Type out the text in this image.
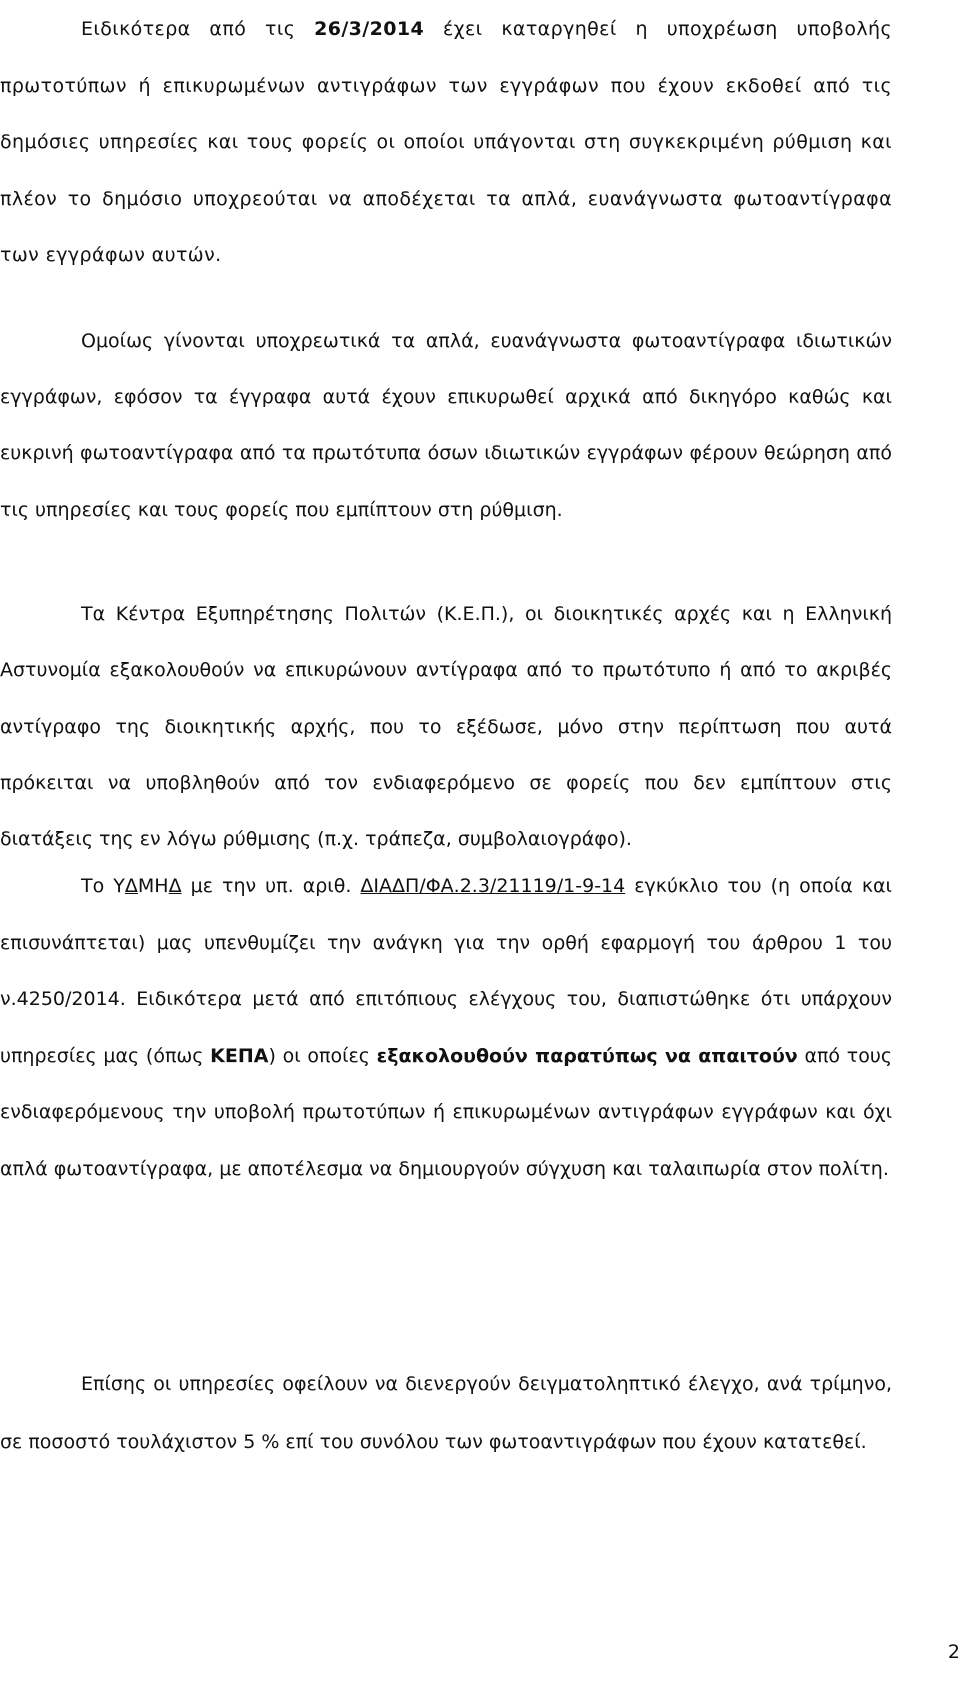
Ειδικότερα από τις 26/3/2014 έχει καταργηθεί η υποχρέωση υποβολής πρωτοτύπων ή επικυρωμένων αντιγράφων των εγγράφων που έχουν εκδοθεί από τις δημόσιες υπηρεσίες και τους φορείς οι οποίοι υπάγονται στη συγκεκριμένη ρύθμιση και πλέον το δημόσιο υποχρεούται να αποδέχεται τα απλά, ευανάγνωστα φωτοαντίγραφα των εγγράφων αυτών.

Ομοίως γίνονται υποχρεωτικά τα απλά, ευανάγνωστα φωτοαντίγραφα ιδιωτικών εγγράφων, εφόσον τα έγγραφα αυτά έχουν επικυρωθεί αρχικά από δικηγόρο καθώς και ευκρινή φωτοαντίγραφα από τα πρωτότυπα όσων ιδιωτικών εγγράφων φέρουν θεώρηση από τις υπηρεσίες και τους φορείς που εμπίπτουν στη ρύθμιση.

Τα Κέντρα Εξυπηρέτησης Πολιτών (Κ.Ε.Π.), οι διοικητικές αρχές και η Ελληνική Αστυνομία εξακολουθούν να επικυρώνουν αντίγραφα από το πρωτότυπο ή από το ακριβές αντίγραφο της διοικητικής αρχής, που το εξέδωσε, μόνο στην περίπτωση που αυτά πρόκειται να υποβληθούν από τον ενδιαφερόμενο σε φορείς που δεν εμπίπτουν στις διατάξεις της εν λόγω ρύθμισης (π.χ. τράπεζα, συμβολαιογράφο).

Το ΥΔΜΗΔ με την υπ. αριθ. ΔΙΑΔΠ/ΦΑ.2.3/21119/1-9-14 εγκύκλιο του (η οποία και επισυνάπτεται) μας υπενθυμίζει την ανάγκη για την ορθή εφαρμογή του άρθρου 1 του ν.4250/2014. Ειδικότερα μετά από επιτόπιους ελέγχους του, διαπιστώθηκε ότι υπάρχουν υπηρεσίες μας (όπως ΚΕΠΑ) οι οποίες εξακολουθούν παρατύπως να απαιτούν από τους ενδιαφερόμενους την υποβολή πρωτοτύπων ή επικυρωμένων αντιγράφων εγγράφων και όχι απλά φωτοαντίγραφα, με αποτέλεσμα να δημιουργούν σύγχυση και ταλαιπωρία στον πολίτη.

Επίσης οι υπηρεσίες οφείλουν να διενεργούν δειγματοληπτικό έλεγχο, ανά τρίμηνο, σε ποσοστό τουλάχιστον 5 % επί του συνόλου των φωτοαντιγράφων που έχουν κατατεθεί.

2
